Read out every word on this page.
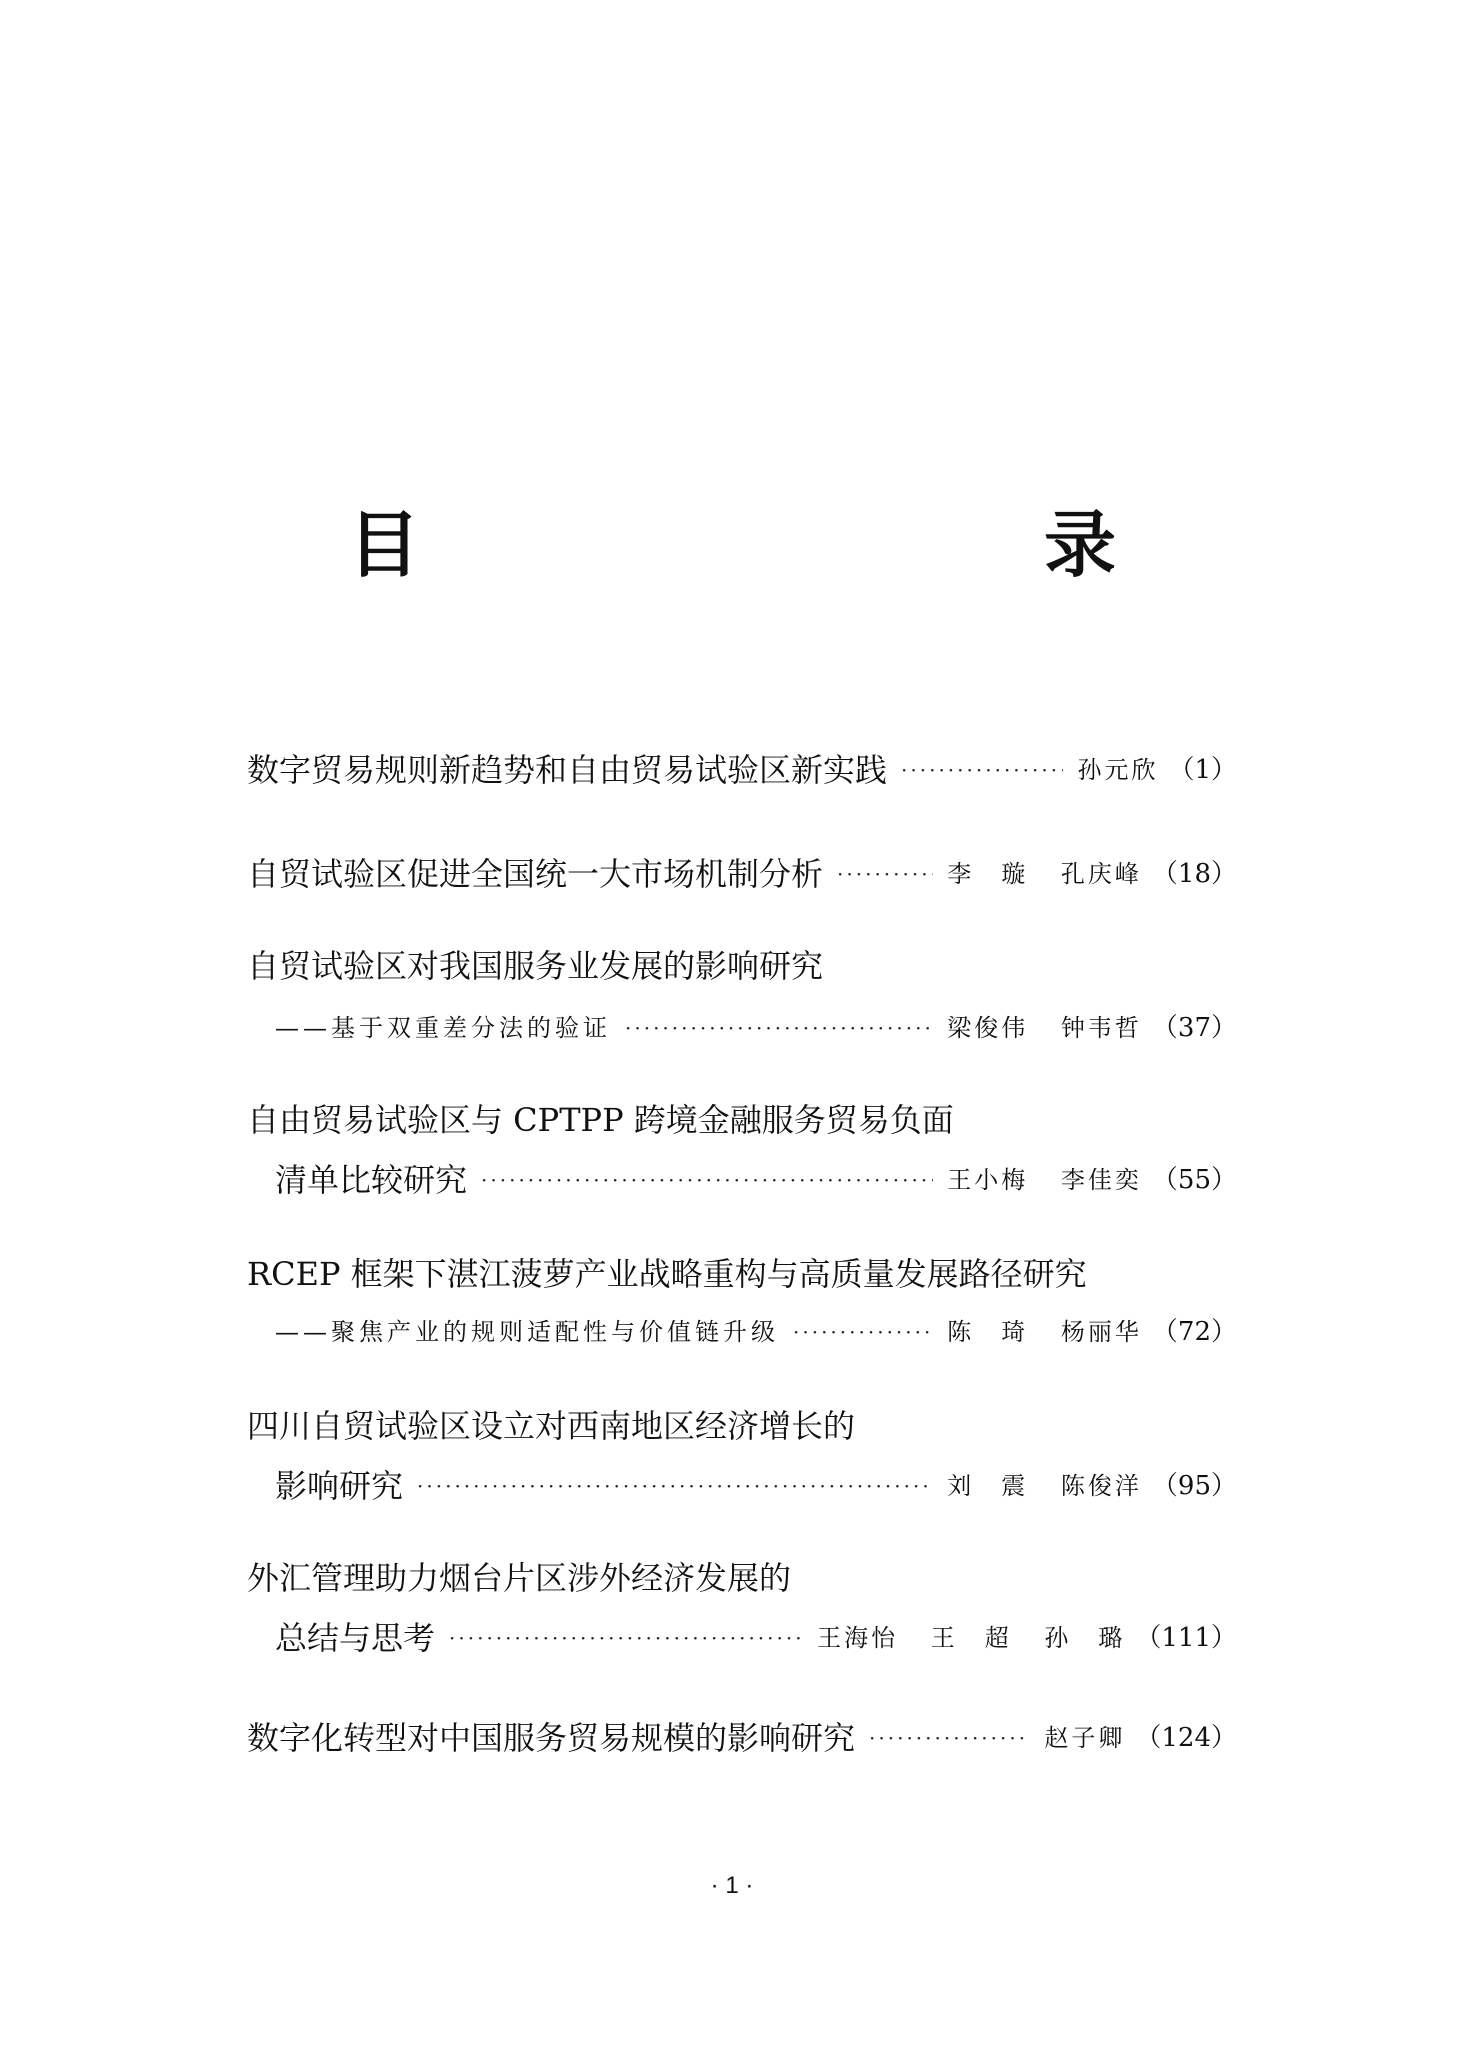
目　　录
数字贸易规则新趋势和自由贸易试验区新实践 ·····	孙元欣 （1）
自贸试验区促进全国统一大市场机制分析 ·····	李　璇 孔庆峰 （18）
自贸试验区对我国服务业发展的影响研究
——基于双重差分法的验证 ·····	梁俊伟 钟韦哲 （37）
自由贸易试验区与 CPTPP 跨境金融服务贸易负面
清单比较研究 ·····	王小梅 李佳奕 （55）
RCEP 框架下湛江菠萝产业战略重构与高质量发展路径研究
——聚焦产业的规则适配性与价值链升级 ·····	陈　琦 杨丽华 （72）
四川自贸试验区设立对西南地区经济增长的
影响研究 ·····	刘　震 陈俊洋 （95）
外汇管理助力烟台片区涉外经济发展的
总结与思考 ·····	王海怡 王　超 孙　璐 （111）
数字化转型对中国服务贸易规模的影响研究 ·····	赵子卿 （124）
· 1 ·
